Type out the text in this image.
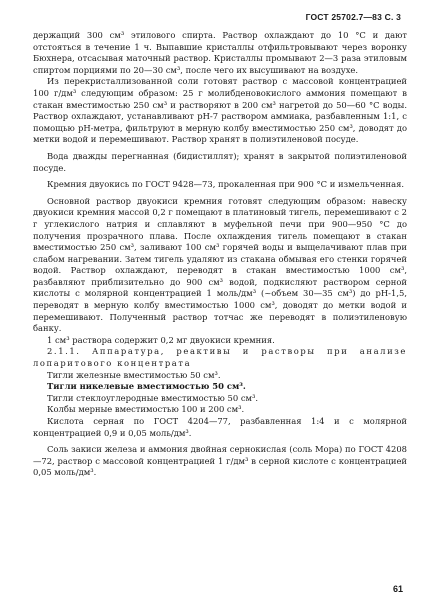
ГОСТ 25702.7—83 С. 3

держащий 300 см³ этилового спирта. Раствор охлаждают до 10 °С и дают отстояться в течение 1 ч. Выпавшие кристаллы отфильтровывают через воронку Бюхнера, отсасывая маточный раствор. Кристаллы промывают 2—3 раза этиловым спиртом порциями по 20—30 см³, после чего их высушивают на воздухе.

Из перекристаллизованной соли готовят раствор с массовой концентрацией 100 г/дм³ следующим образом: 25 г молибденовокислого аммония помещают в стакан вместимостью 250 см³ и растворяют в 200 см³ нагретой до 50—60 °С воды. Раствор охлаждают, устанавливают pH-7 раствором аммиака, разбавленным 1:1, с помощью pH-метра, фильтруют в мерную колбу вместимостью 250 см³, доводят до метки водой и перемешивают. Раствор хранят в полиэтиленовой посуде.

Вода дважды перегнанная (бидистиллят); хранят в закрытой полиэтиленовой посуде.

Кремния двуокись по ГОСТ 9428—73, прокаленная при 900 °С и измельченная.

Основной раствор двуокиси кремния готовят следующим образом: навеску двуокиси кремния массой 0,2 г помещают в платиновый тигель, перемешивают с 2 г углекислого натрия и сплавляют в муфельной печи при 900—950 °С до получения прозрачного плава. После охлаждения тигель помещают в стакан вместимостью 250 см³, заливают 100 см³ горячей воды и выщелачивают плав при слабом нагревании. Затем тигель удаляют из стакана обмывая его стенки горячей водой. Раствор охлаждают, переводят в стакан вместимостью 1000 см³, разбавляют приблизительно до 900 см³ водой, подкисляют раствором серной кислоты с молярной концентрацией 1 моль/дм³ (~объем 30—35 см³) до pH-1,5, переводят в мерную колбу вместимостью 1000 см³, доводят до метки водой и перемешивают. Полученный раствор тотчас же переводят в полиэтиленовую банку.

1 см³ раствора содержит 0,2 мг двуокиси кремния.

2.1.1. Аппаратура, реактивы и растворы при анализе лопаритового концентрата

Тигли железные вместимостью 50 см³.

Тигли никелевые вместимостью 50 см³.

Тигли стеклоуглеродные вместимостью 50 см³.

Колбы мерные вместимостью 100 и 200 см³.

Кислота серная по ГОСТ 4204—77, разбавленная 1:4 и с молярной концентрацией 0,9 и 0,05 моль/дм³.

Соль закиси железа и аммония двойная сернокислая (соль Мора) по ГОСТ 4208—72, раствор с массовой концентрацией 1 г/дм³ в серной кислоте с концентрацией 0,05 моль/дм³.

61
